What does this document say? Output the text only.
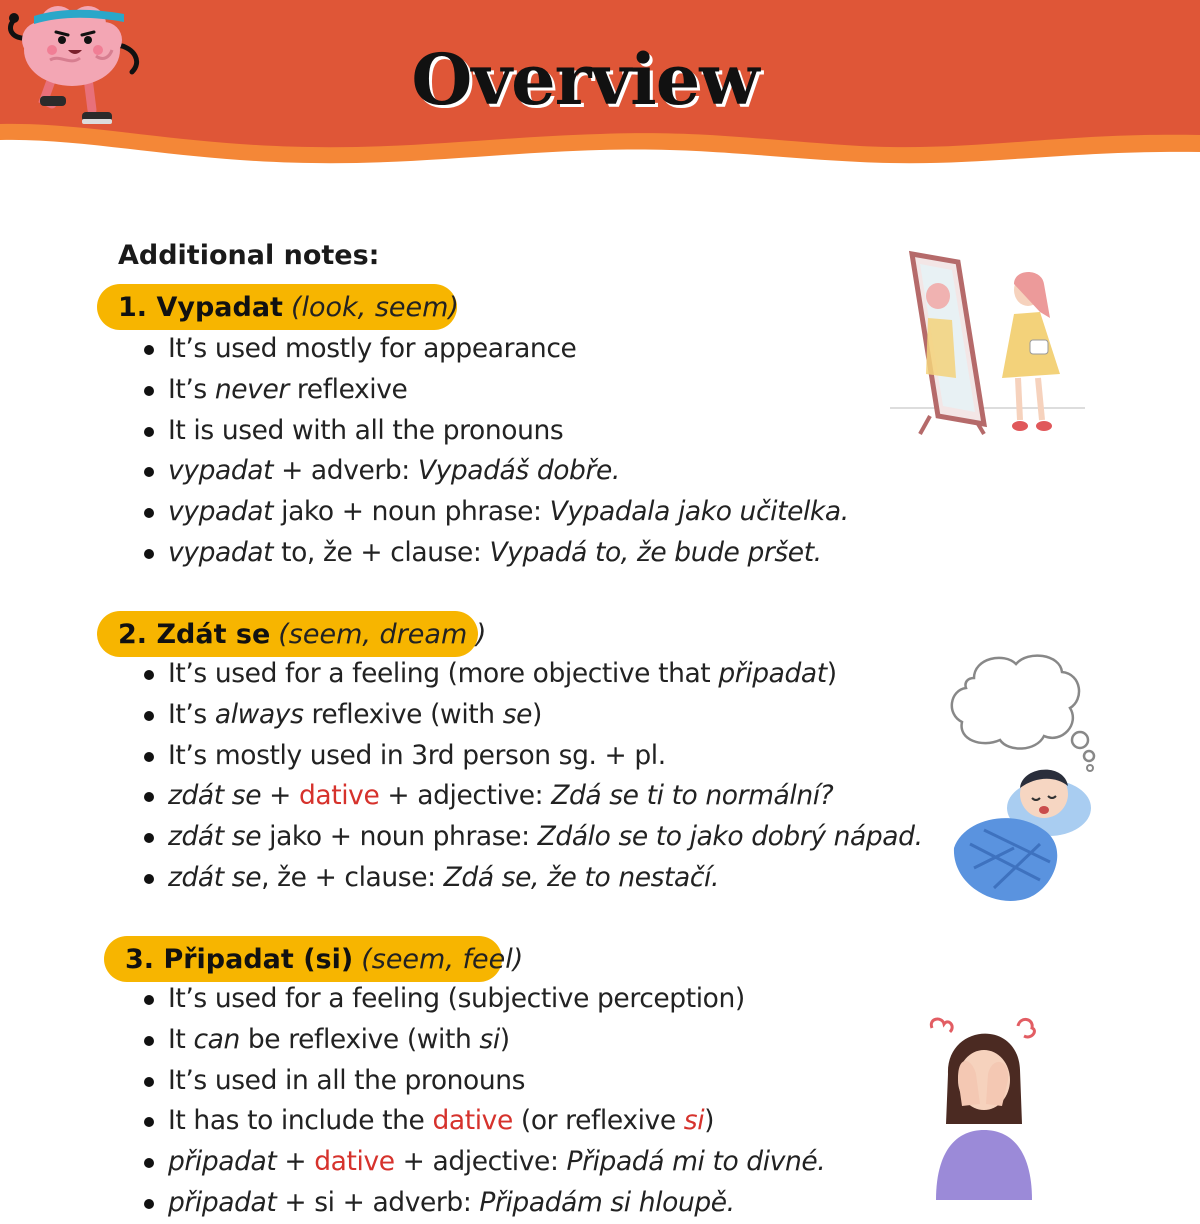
Overview
Additional notes:
1. Vypadat (look, seem)
It’s used mostly for appearance
It’s never reflexive
It is used with all the pronouns
vypadat + adverb: Vypadáš dobře.
vypadat jako + noun phrase: Vypadala jako učitelka.
vypadat to, že + clause: Vypadá to, že bude pršet.
2. Zdát se (seem, dream )
It’s used for a feeling (more objective that připadat)
It’s always reflexive (with se)
It’s mostly used in 3rd person sg. + pl.
zdát se + dative + adjective: Zdá se ti to normální?
zdát se jako + noun phrase: Zdálo se to jako dobrý nápad.
zdát se, že + clause: Zdá se, že to nestačí.
3. Připadat (si) (seem, feel)
It’s used for a feeling (subjective perception)
It can be reflexive (with si)
It’s used in all the pronouns
It has to include the dative (or reflexive si)
připadat + dative + adjective: Připadá mi to divné.
připadat + si + adverb: Připadám si hloupě.
